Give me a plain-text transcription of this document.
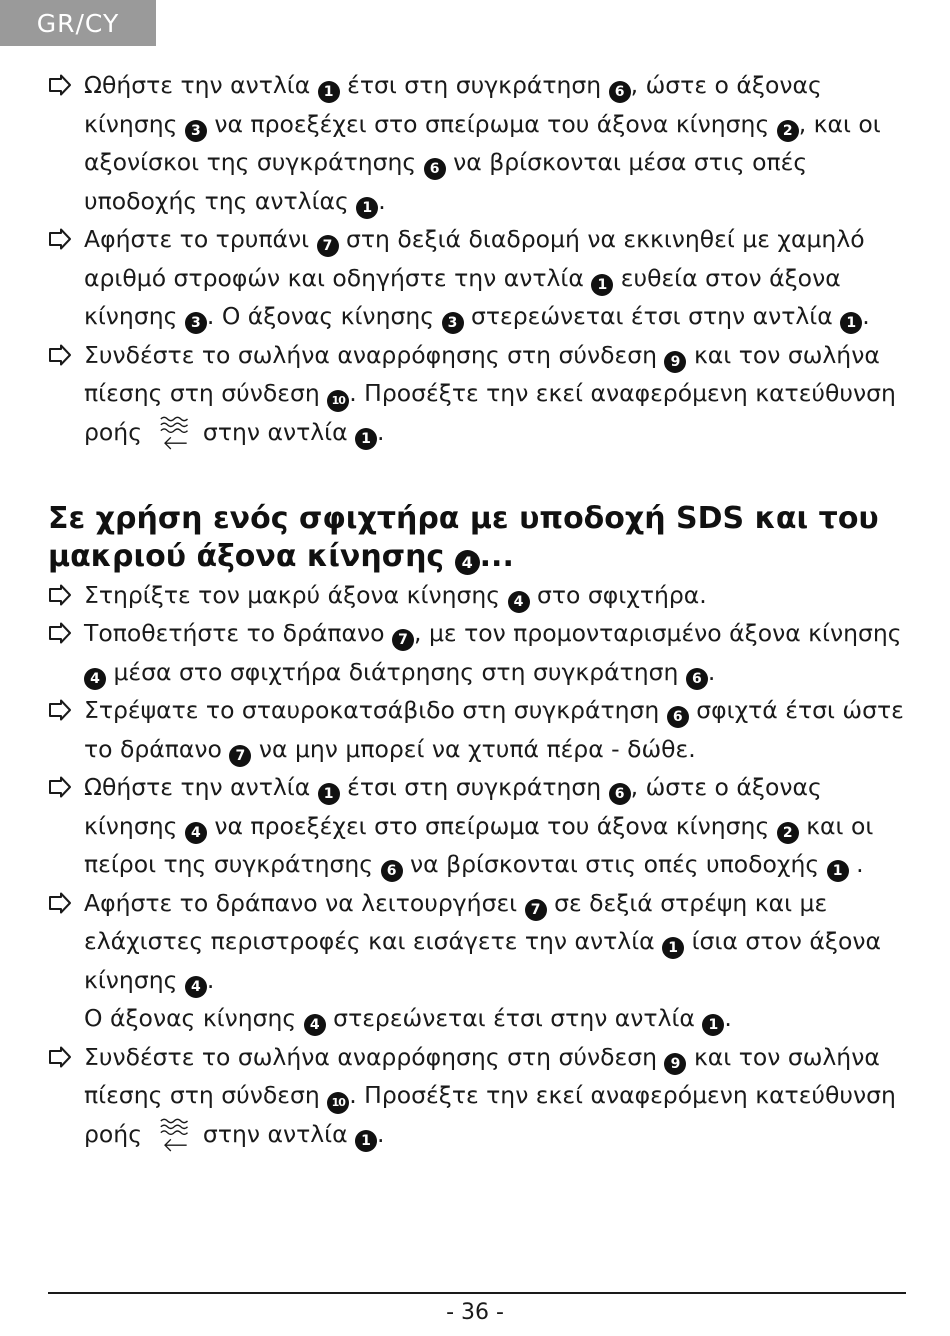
GR/CY
Ωθήστε την αντλία 1 έτσι στη συγκράτηση 6 , ώστε ο άξονας κίνησης 3 να προεξέχει στο σπείρωμα του άξονα κίνησης 2 , και οι αξονίσκοι της συγκράτησης 6 να βρίσκονται μέσα στις οπές υποδοχής της αντλίας 1 .
Αφήστε το τρυπάνι 7 στη δεξιά διαδρομή να εκκινηθεί με χαμηλό αριθμό στροφών και οδηγήστε την αντλία 1 ευθεία στον άξονα κίνησης 3 . Ο άξονας κίνησης 3 στερεώνεται έτσι στην αντλία 1 .
Συνδέστε το σωλήνα αναρρόφησης στη σύνδεση 9 και τον σωλήνα πίεσης στη σύνδεση 10 . Προσέξτε την εκεί αναφερόμενη κατεύθυνση ροής  στην αντλία 1 .
Σε χρήση ενός σφιχτήρα με υποδοχή SDS και του μακριού άξονα κίνησης 4 ...
Στηρίξτε τον μακρύ άξονα κίνησης 4 στο σφιχτήρα.
Τοποθετήστε το δράπανο 7 , με τον προμονταρισμένο άξονα κίνησης 4 μέσα στο σφιχτήρα διάτρησης στη συγκράτηση 6 .
Στρέψατε το σταυροκατσάβιδο στη συγκράτηση 6 σφιχτά έτσι ώστε το δράπανο 7 να μην μπορεί να χτυπά πέρα - δώθε.
Ωθήστε την αντλία 1 έτσι στη συγκράτηση 6 , ώστε ο άξονας κίνησης 4 να προεξέχει στο σπείρωμα του άξονα κίνησης 2 και οι πείροι της συγκράτησης 6 να βρίσκονται στις οπές υποδοχής 1 .
Αφήστε το δράπανο να λειτουργήσει 7 σε δεξιά στρέψη και με ελάχιστες περιστροφές και εισάγετε την αντλία 1 ίσια στον άξονα κίνησης 4 .
Ο άξονας κίνησης 4 στερεώνεται έτσι στην αντλία 1 .
Συνδέστε το σωλήνα αναρρόφησης στη σύνδεση 9 και τον σωλήνα πίεσης στη σύνδεση 10 . Προσέξτε την εκεί αναφερόμενη κατεύθυνση ροής  στην αντλία 1 .
- 36 -
